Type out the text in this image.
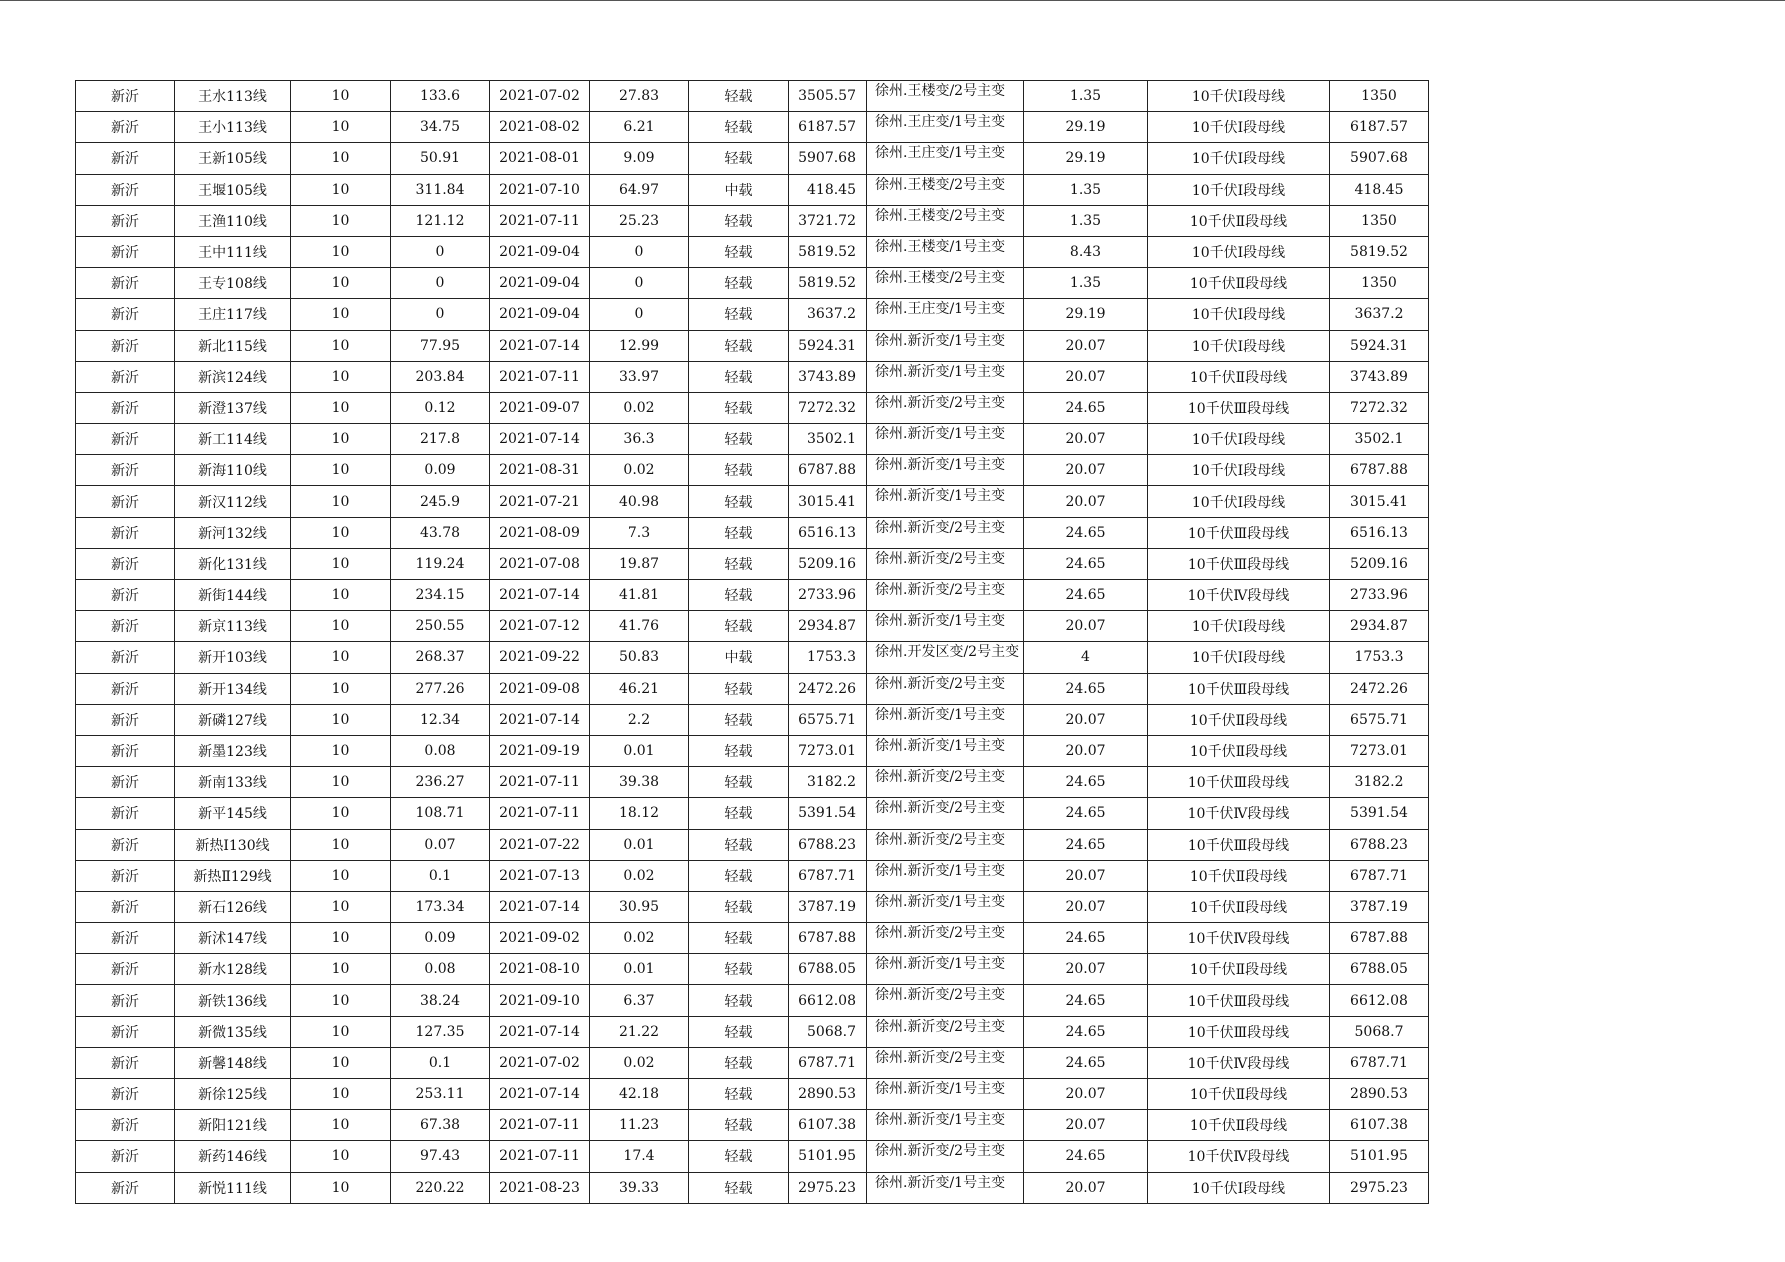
新沂	王水113线	10	133.6	2021-07-02	27.83	轻载	3505.57	徐州.王楼变/2号主变	1.35	10千伏Ⅰ段母线	1350
新沂	王小113线	10	34.75	2021-08-02	6.21	轻载	6187.57	徐州.王庄变/1号主变	29.19	10千伏Ⅰ段母线	6187.57
新沂	王新105线	10	50.91	2021-08-01	9.09	轻载	5907.68	徐州.王庄变/1号主变	29.19	10千伏Ⅰ段母线	5907.68
新沂	王堰105线	10	311.84	2021-07-10	64.97	中载	418.45	徐州.王楼变/2号主变	1.35	10千伏Ⅰ段母线	418.45
新沂	王渔110线	10	121.12	2021-07-11	25.23	轻载	3721.72	徐州.王楼变/2号主变	1.35	10千伏Ⅱ段母线	1350
新沂	王中111线	10	0	2021-09-04	0	轻载	5819.52	徐州.王楼变/1号主变	8.43	10千伏Ⅰ段母线	5819.52
新沂	王专108线	10	0	2021-09-04	0	轻载	5819.52	徐州.王楼变/2号主变	1.35	10千伏Ⅱ段母线	1350
新沂	王庄117线	10	0	2021-09-04	0	轻载	3637.2	徐州.王庄变/1号主变	29.19	10千伏Ⅰ段母线	3637.2
新沂	新北115线	10	77.95	2021-07-14	12.99	轻载	5924.31	徐州.新沂变/1号主变	20.07	10千伏Ⅰ段母线	5924.31
新沂	新滨124线	10	203.84	2021-07-11	33.97	轻载	3743.89	徐州.新沂变/1号主变	20.07	10千伏Ⅱ段母线	3743.89
新沂	新澄137线	10	0.12	2021-09-07	0.02	轻载	7272.32	徐州.新沂变/2号主变	24.65	10千伏Ⅲ段母线	7272.32
新沂	新工114线	10	217.8	2021-07-14	36.3	轻载	3502.1	徐州.新沂变/1号主变	20.07	10千伏Ⅰ段母线	3502.1
新沂	新海110线	10	0.09	2021-08-31	0.02	轻载	6787.88	徐州.新沂变/1号主变	20.07	10千伏Ⅰ段母线	6787.88
新沂	新汉112线	10	245.9	2021-07-21	40.98	轻载	3015.41	徐州.新沂变/1号主变	20.07	10千伏Ⅰ段母线	3015.41
新沂	新河132线	10	43.78	2021-08-09	7.3	轻载	6516.13	徐州.新沂变/2号主变	24.65	10千伏Ⅲ段母线	6516.13
新沂	新化131线	10	119.24	2021-07-08	19.87	轻载	5209.16	徐州.新沂变/2号主变	24.65	10千伏Ⅲ段母线	5209.16
新沂	新街144线	10	234.15	2021-07-14	41.81	轻载	2733.96	徐州.新沂变/2号主变	24.65	10千伏Ⅳ段母线	2733.96
新沂	新京113线	10	250.55	2021-07-12	41.76	轻载	2934.87	徐州.新沂变/1号主变	20.07	10千伏Ⅰ段母线	2934.87
新沂	新开103线	10	268.37	2021-09-22	50.83	中载	1753.3	徐州.开发区变/2号主变	4	10千伏Ⅰ段母线	1753.3
新沂	新开134线	10	277.26	2021-09-08	46.21	轻载	2472.26	徐州.新沂变/2号主变	24.65	10千伏Ⅲ段母线	2472.26
新沂	新磷127线	10	12.34	2021-07-14	2.2	轻载	6575.71	徐州.新沂变/1号主变	20.07	10千伏Ⅱ段母线	6575.71
新沂	新墨123线	10	0.08	2021-09-19	0.01	轻载	7273.01	徐州.新沂变/1号主变	20.07	10千伏Ⅱ段母线	7273.01
新沂	新南133线	10	236.27	2021-07-11	39.38	轻载	3182.2	徐州.新沂变/2号主变	24.65	10千伏Ⅲ段母线	3182.2
新沂	新平145线	10	108.71	2021-07-11	18.12	轻载	5391.54	徐州.新沂变/2号主变	24.65	10千伏Ⅳ段母线	5391.54
新沂	新热Ⅰ130线	10	0.07	2021-07-22	0.01	轻载	6788.23	徐州.新沂变/2号主变	24.65	10千伏Ⅲ段母线	6788.23
新沂	新热Ⅱ129线	10	0.1	2021-07-13	0.02	轻载	6787.71	徐州.新沂变/1号主变	20.07	10千伏Ⅱ段母线	6787.71
新沂	新石126线	10	173.34	2021-07-14	30.95	轻载	3787.19	徐州.新沂变/1号主变	20.07	10千伏Ⅱ段母线	3787.19
新沂	新沭147线	10	0.09	2021-09-02	0.02	轻载	6787.88	徐州.新沂变/2号主变	24.65	10千伏Ⅳ段母线	6787.88
新沂	新水128线	10	0.08	2021-08-10	0.01	轻载	6788.05	徐州.新沂变/1号主变	20.07	10千伏Ⅱ段母线	6788.05
新沂	新铁136线	10	38.24	2021-09-10	6.37	轻载	6612.08	徐州.新沂变/2号主变	24.65	10千伏Ⅲ段母线	6612.08
新沂	新微135线	10	127.35	2021-07-14	21.22	轻载	5068.7	徐州.新沂变/2号主变	24.65	10千伏Ⅲ段母线	5068.7
新沂	新馨148线	10	0.1	2021-07-02	0.02	轻载	6787.71	徐州.新沂变/2号主变	24.65	10千伏Ⅳ段母线	6787.71
新沂	新徐125线	10	253.11	2021-07-14	42.18	轻载	2890.53	徐州.新沂变/1号主变	20.07	10千伏Ⅱ段母线	2890.53
新沂	新阳121线	10	67.38	2021-07-11	11.23	轻载	6107.38	徐州.新沂变/1号主变	20.07	10千伏Ⅱ段母线	6107.38
新沂	新药146线	10	97.43	2021-07-11	17.4	轻载	5101.95	徐州.新沂变/2号主变	24.65	10千伏Ⅳ段母线	5101.95
新沂	新悦111线	10	220.22	2021-08-23	39.33	轻载	2975.23	徐州.新沂变/1号主变	20.07	10千伏Ⅰ段母线	2975.23
